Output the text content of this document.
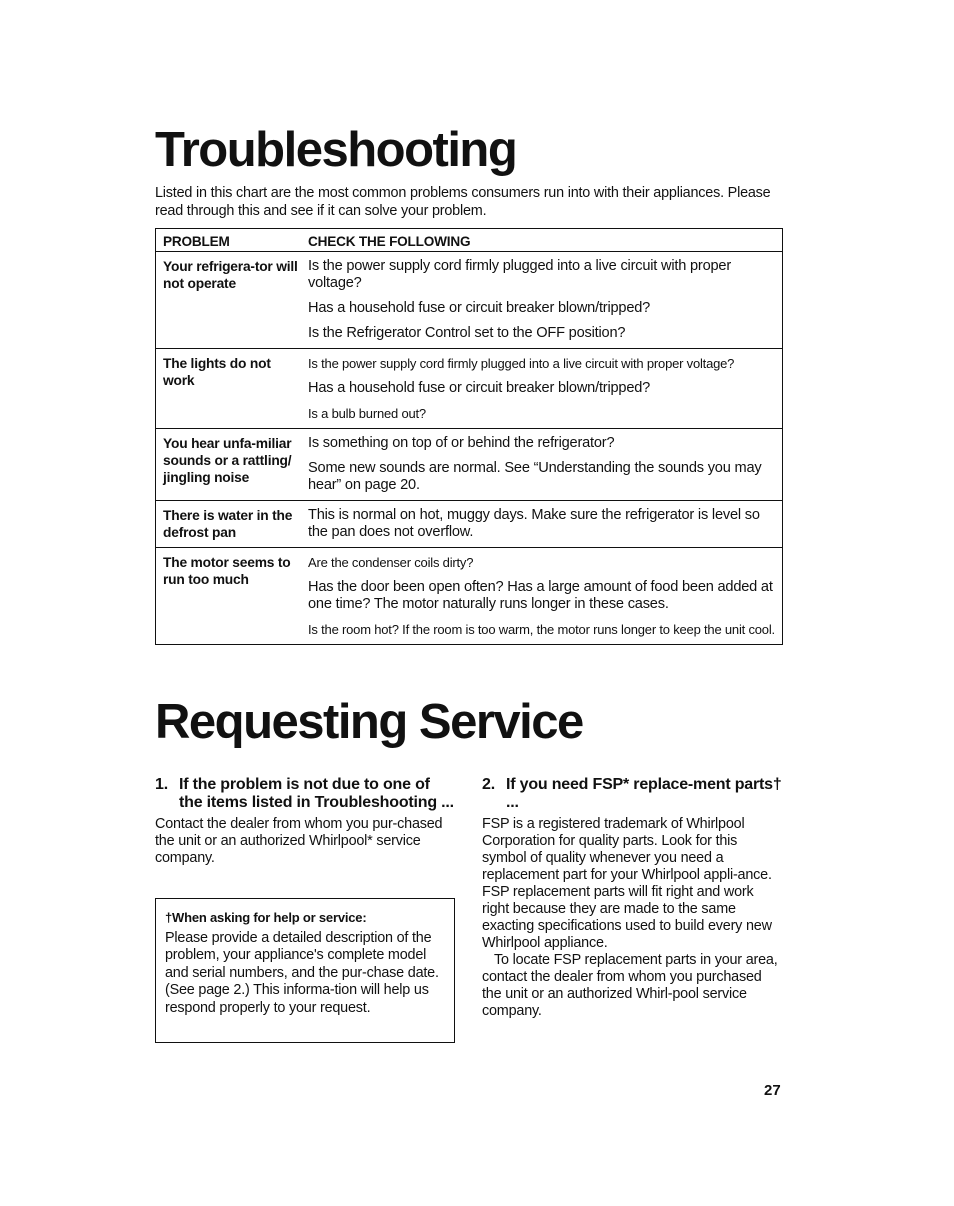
Troubleshooting
Listed in this chart are the most common problems consumers run into with their appliances. Please read through this and see if it can solve your problem.
PROBLEM	CHECK THE FOLLOWING
Your refrigera-tor will not operate

Is the power supply cord firmly plugged into a live circuit with proper voltage?

Has a household fuse or circuit breaker blown/tripped?

Is the Refrigerator Control set to the OFF position?

The lights do not work

Is the power supply cord firmly plugged into a live circuit with proper voltage?

Has a household fuse or circuit breaker blown/tripped?

Is a bulb burned out?

You hear unfa-miliar sounds or a rattling/ jingling noise

Is something on top of or behind the refrigerator?

Some new sounds are normal. See “Understanding the sounds you may hear” on page 20.

There is water in the defrost pan

This is normal on hot, muggy days. Make sure the refrigerator is level so the pan does not overflow.

The motor seems to run too much

Are the condenser coils dirty?

Has the door been open often? Has a large amount of food been added at one time? The motor naturally runs longer in these cases.

Is the room hot? If the room is too warm, the motor runs longer to keep the unit cool.

Requesting Service
1. If the problem is not due to one of the items listed in Troubleshooting ...

Contact the dealer from whom you pur-chased the unit or an authorized Whirlpool* service company.

†When asking for help or service:
Please provide a detailed description of the problem, your appliance's complete model and serial numbers, and the pur-chase date. (See page 2.) This informa-tion will help us respond properly to your request.
2. If you need FSP* replace-ment parts† ...

FSP is a registered trademark of Whirlpool Corporation for quality parts. Look for this symbol of quality whenever you need a replacement part for your Whirlpool appli-ance. FSP replacement parts will fit right and work right because they are made to the same exacting specifications used to build every new Whirlpool appliance.

To locate FSP replacement parts in your area, contact the dealer from whom you purchased the unit or an authorized Whirl-pool service company.

27
